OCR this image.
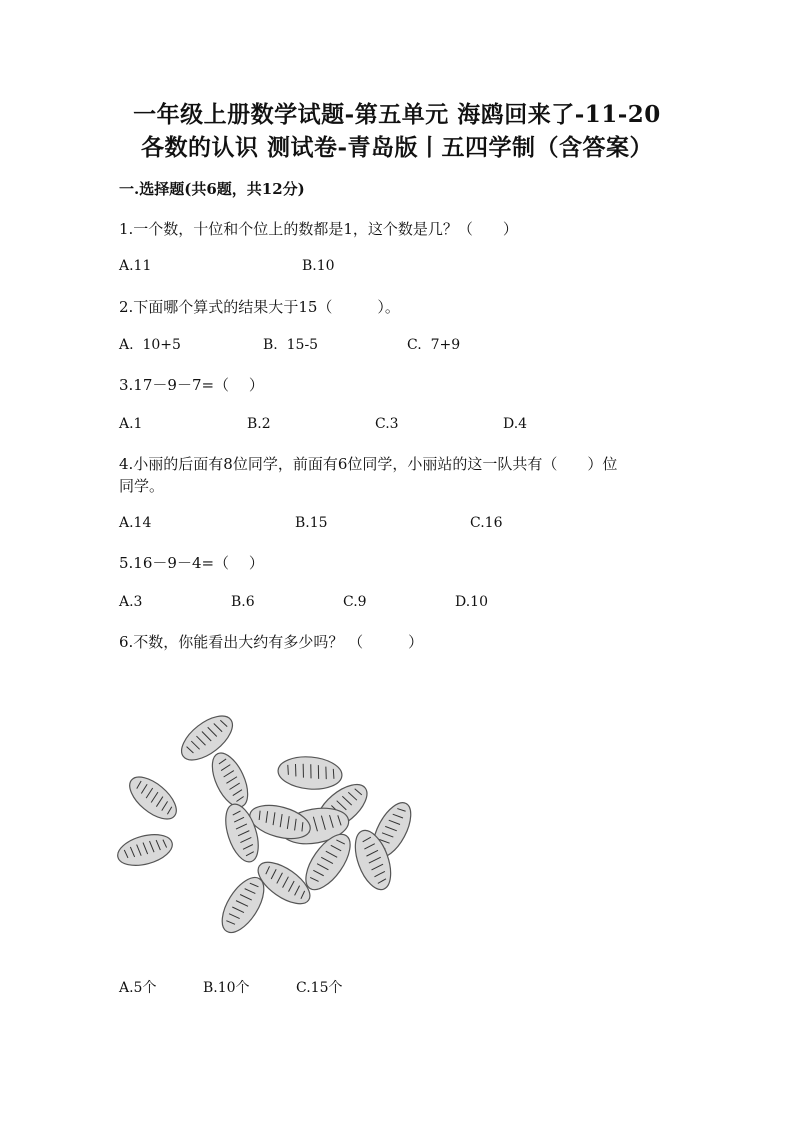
一年级上册数学试题-第五单元 海鸥回来了-11-20
各数的认识 测试卷-青岛版丨五四学制（含答案）
一.选择题(共6题，共12分)
1.一个数，十位和个位上的数都是1，这个数是几？（　　）
A.11	B.10
2.下面哪个算式的结果大于15（　　　）。
A.  10+5	B.  15-5	C.  7+9
3.17－9－7=（　 ）
A.1	B.2	C.3	D.4
4.小丽的后面有8位同学，前面有6位同学，小丽站的这一队共有（　　）位
同学。
A.14	B.15	C.16
5.16－9－4=（　 ）
A.3	B.6	C.9	D.10
6.不数，你能看出大约有多少吗？ （　　　）
A.5个	B.10个	C.15个
